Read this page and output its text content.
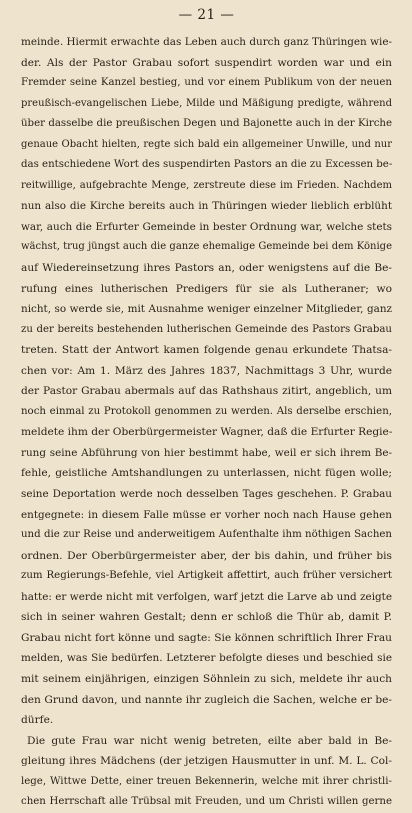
— 21 —
meinde. Hiermit erwachte das Leben auch durch ganz Thüringen wie-
der. Als der Pastor Grabau sofort suspendirt worden war und ein
Fremder seine Kanzel bestieg, und vor einem Publikum von der neuen
preußisch-evangelischen Liebe, Milde und Mäßigung predigte, während
über dasselbe die preußischen Degen und Bajonette auch in der Kirche
genaue Obacht hielten, regte sich bald ein allgemeiner Unwille, und nur
das entschiedene Wort des suspendirten Pastors an die zu Excessen be-
reitwillige, aufgebrachte Menge, zerstreute diese im Frieden. Nachdem
nun also die Kirche bereits auch in Thüringen wieder lieblich erblüht
war, auch die Erfurter Gemeinde in bester Ordnung war, welche stets
wächst, trug jüngst auch die ganze ehemalige Gemeinde bei dem Könige
auf Wiedereinsetzung ihres Pastors an, oder wenigstens auf die Be-
rufung eines lutherischen Predigers für sie als Lutheraner; wo
nicht, so werde sie, mit Ausnahme weniger einzelner Mitglieder, ganz
zu der bereits bestehenden lutherischen Gemeinde des Pastors Grabau
treten. Statt der Antwort kamen folgende genau erkundete Thatsa-
chen vor: Am 1. März des Jahres 1837, Nachmittags 3 Uhr, wurde
der Pastor Grabau abermals auf das Rathshaus zitirt, angeblich, um
noch einmal zu Protokoll genommen zu werden. Als derselbe erschien,
meldete ihm der Oberbürgermeister Wagner, daß die Erfurter Regie-
rung seine Abführung von hier bestimmt habe, weil er sich ihrem Be-
fehle, geistliche Amtshandlungen zu unterlassen, nicht fügen wolle;
seine Deportation werde noch desselben Tages geschehen. P. Grabau
entgegnete: in diesem Falle müsse er vorher noch nach Hause gehen
und die zur Reise und anderweitigem Aufenthalte ihm nöthigen Sachen
ordnen. Der Oberbürgermeister aber, der bis dahin, und früher bis
zum Regierungs-Befehle, viel Artigkeit affettirt, auch früher versichert
hatte: er werde nicht mit verfolgen, warf jetzt die Larve ab und zeigte
sich in seiner wahren Gestalt; denn er schloß die Thür ab, damit P.
Grabau nicht fort könne und sagte: Sie können schriftlich Ihrer Frau
melden, was Sie bedürfen. Letzterer befolgte dieses und beschied sie
mit seinem einjährigen, einzigen Söhnlein zu sich, meldete ihr auch
den Grund davon, und nannte ihr zugleich die Sachen, welche er be-
dürfe.
Die gute Frau war nicht wenig betreten, eilte aber bald in Be-
gleitung ihres Mädchens (der jetzigen Hausmutter in unf. M. L. Col-
lege, Wittwe Dette, einer treuen Bekennerin, welche mit ihrer christli-
chen Herrschaft alle Trübsal mit Freuden, und um Christi willen gerne
